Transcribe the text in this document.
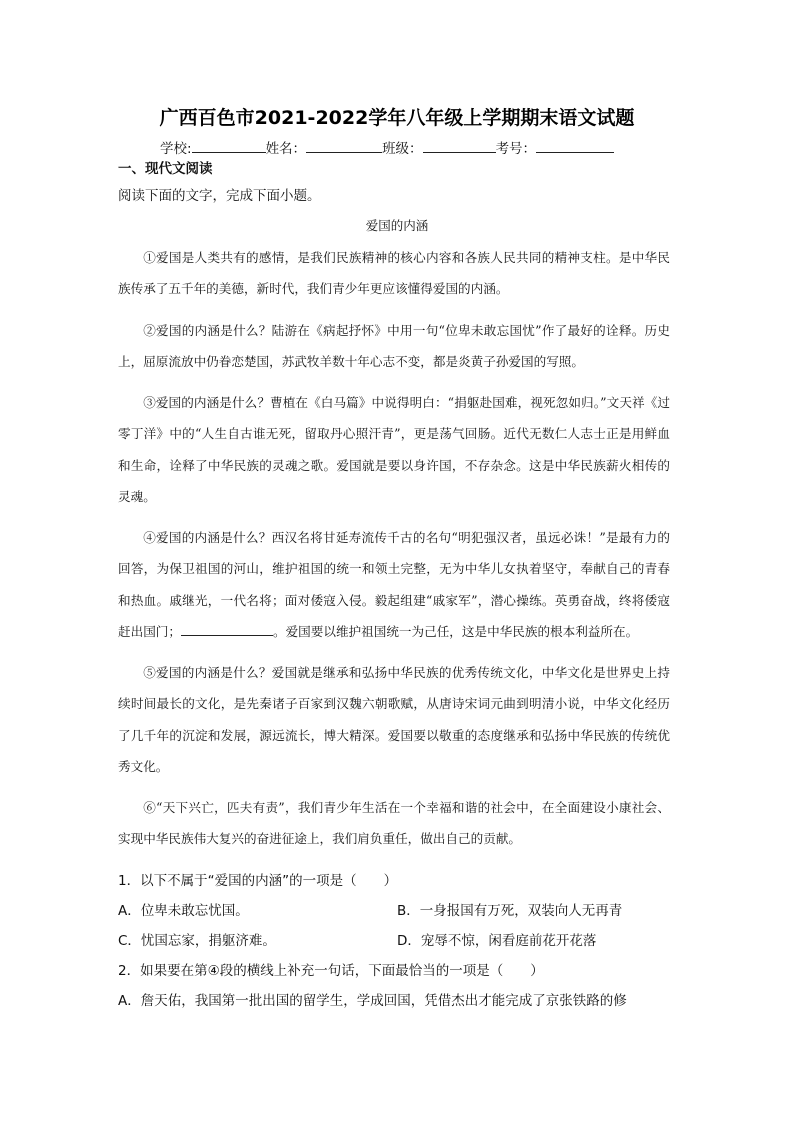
广西百色市2021-2022学年八年级上学期期末语文试题
学校:	姓名：	班级：	考号：
一、现代文阅读
阅读下面的文字，完成下面小题。
爱国的内涵

①爱国是人类共有的感情，是我们民族精神的核心内容和各族人民共同的精神支柱。是中华民族传承了五千年的美德，新时代，我们青少年更应该懂得爱国的内涵。

②爱国的内涵是什么？陆游在《病起抒怀》中用一句“位卑未敢忘国忧”作了最好的诠释。历史上，屈原流放中仍眷恋楚国，苏武牧羊数十年心志不变，都是炎黄子孙爱国的写照。

③爱国的内涵是什么？曹植在《白马篇》中说得明白：“捐躯赴国难，视死忽如归。”文天祥《过零丁洋》中的“人生自古谁无死，留取丹心照汗青”，更是荡气回肠。近代无数仁人志士正是用鲜血和生命，诠释了中华民族的灵魂之歌。爱国就是要以身许国，不存杂念。这是中华民族薪火相传的灵魂。

④爱国的内涵是什么？西汉名将甘延寿流传千古的名句“明犯强汉者，虽远必诛！”是最有力的回答，为保卫祖国的河山，维护祖国的统一和领土完整，无为中华儿女执着坚守，奉献自己的青春和热血。戚继光，一代名将；面对倭寇入侵。毅起组建“戚家军”，潜心操练。英勇奋战，终将倭寇赶出国门；	。爱国要以维护祖国统一为己任，这是中华民族的根本利益所在。

⑤爱国的内涵是什么？爱国就是继承和弘扬中华民族的优秀传统文化，中华文化是世界史上持续时间最长的文化，是先秦诸子百家到汉魏六朝歌赋，从唐诗宋词元曲到明清小说，中华文化经历了几千年的沉淀和发展，源远流长，博大精深。爱国要以敬重的态度继承和弘扬中华民族的传统优秀文化。

⑥“天下兴亡，匹夫有责”，我们青少年生活在一个幸福和谐的社会中，在全面建设小康社会、实现中华民族伟大复兴的奋进征途上，我们肩负重任，做出自己的贡献。

1．以下不属于“爱国的内涵”的一项是（　　）
A．位卑未敢忘忧国。	B．一身报国有万死，双装向人无再青
C．忧国忘家，捐躯济难。	D．宠辱不惊，闲看庭前花开花落
2．如果要在第④段的横线上补充一句话，下面最恰当的一项是（　　）
A．詹天佑，我国第一批出国的留学生，学成回国，凭借杰出才能完成了京张铁路的修
